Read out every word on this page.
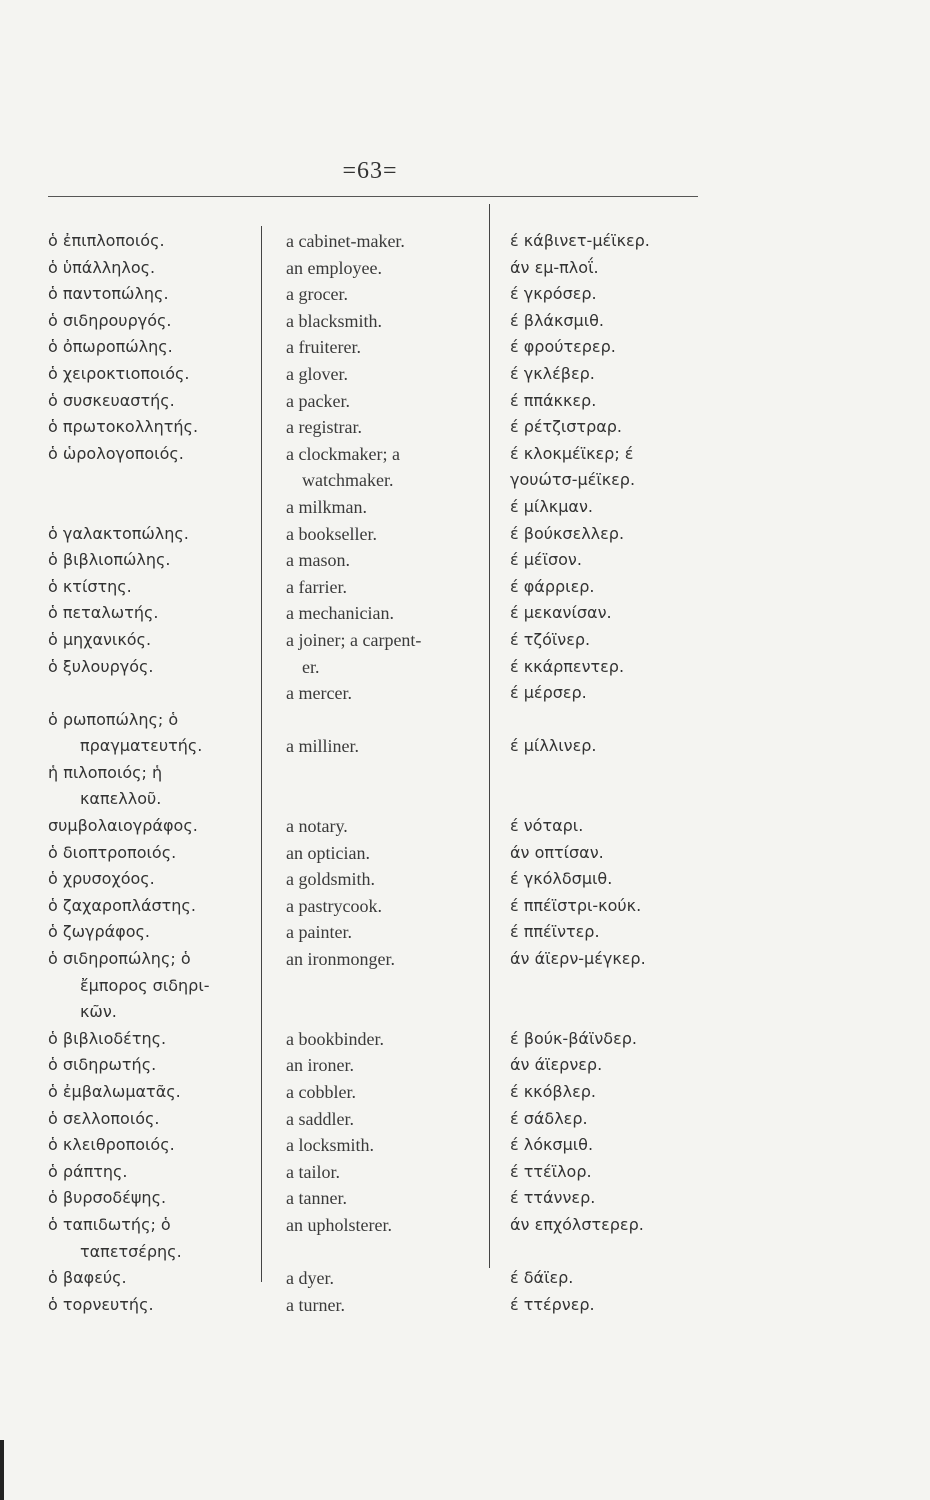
=63=
ὁ ἐπιπλοποιός.
ὁ ὑπάλληλος.
ὁ παντοπώλης.
ὁ σιδηρουργός.
ὁ ὀπωροπώλης.
ὁ χειροκτιοποιός.
ὁ συσκευαστής.
ὁ πρωτοκολλητής.
ὁ ὡρολογοποιός.
ὁ γαλακτοπώλης.
ὁ βιβλιοπώλης.
ὁ κτίστης.
ὁ πεταλωτής.
ὁ μηχανικός.
ὁ ξυλουργός.
ὁ ρωποπώλης; ὁ
πραγματευτής.
ἡ πιλοποιός; ἡ
καπελλοῦ.
συμβολαιογράφος.
ὁ διοπτροποιός.
ὁ χρυσοχόος.
ὁ ζαχαροπλάστης.
ὁ ζωγράφος.
ὁ σιδηροπώλης; ὁ
ἔμπορος σιδηρι-
κῶν.
ὁ βιβλιοδέτης.
ὁ σιδηρωτής.
ὁ ἐμβαλωματᾶς.
ὁ σελλοποιός.
ὁ κλειθροποιός.
ὁ ράπτης.
ὁ βυρσοδέψης.
ὁ ταπιδωτής; ὁ
ταπετσέρης.
ὁ βαφεύς.
ὁ τορνευτής.
a cabinet-maker.
an employee.
a grocer.
a blacksmith.
a fruiterer.
a glover.
a packer.
a registrar.
a clockmaker; a
watchmaker.
a milkman.
a bookseller.
a mason.
a farrier.
a mechanician.
a joiner; a carpent-
er.
a mercer.
a milliner.
a notary.
an optician.
a goldsmith.
a pastrycook.
a painter.
an ironmonger.
a bookbinder.
an ironer.
a cobbler.
a saddler.
a locksmith.
a tailor.
a tanner.
an upholsterer.
a dyer.
a turner.
έ κάβινετ-μέϊκερ.
άν εμ-πλοΐ.
έ γκρόσερ.
έ βλάκσμιθ.
έ φρούτερερ.
έ γκλέβερ.
έ ππάκκερ.
έ ρέτζιστραρ.
έ κλοκμέϊκερ; έ
γουώτσ-μέϊκερ.
έ μίλκμαν.
έ βούκσελλερ.
έ μέϊσον.
έ φάρριερ.
έ μεκανίσαν.
έ τζόϊνερ.
έ κκάρπεντερ.
έ μέρσερ.
έ μίλλινερ.
έ νόταρι.
άν οπτίσαν.
έ γκόλδσμιθ.
έ ππέϊστρι-κούκ.
έ ππέϊντερ.
άν άϊερν-μέγκερ.
έ βούκ-βάϊνδερ.
άν άϊερνερ.
έ κκόβλερ.
έ σάδλερ.
έ λόκσμιθ.
έ ττέϊλορ.
έ ττάννερ.
άν επχόλστερερ.
έ δάϊερ.
έ ττέρνερ.
